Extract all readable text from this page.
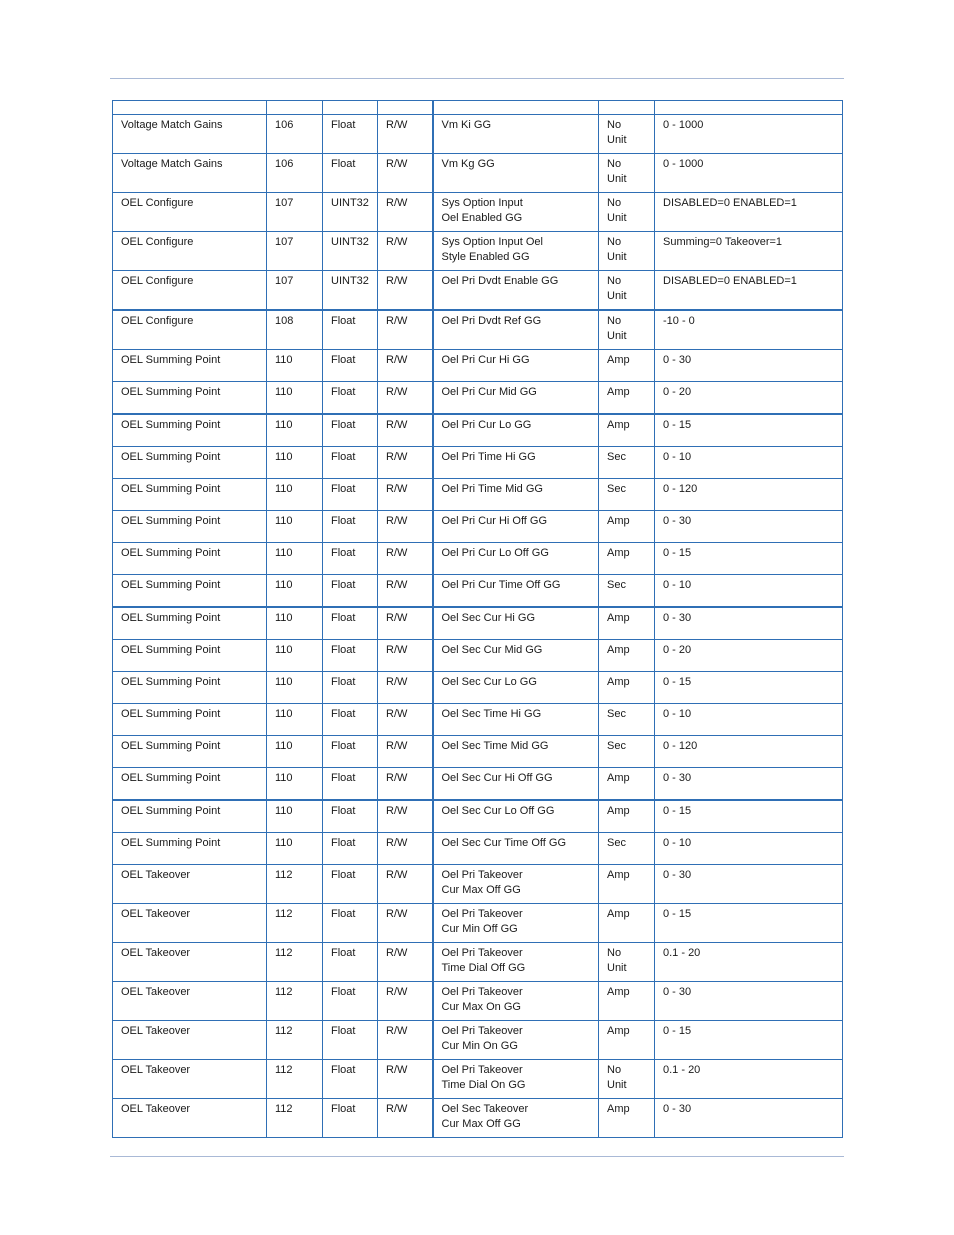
Voltage Match Gains	106	Float	R/W	Vm Ki GG	No
Unit	0 - 1000
Voltage Match Gains	106	Float	R/W	Vm Kg GG	No
Unit	0 - 1000
OEL Configure	107	UINT32	R/W	Sys Option Input
Oel Enabled GG	No
Unit	DISABLED=0 ENABLED=1
OEL Configure	107	UINT32	R/W	Sys Option Input Oel
Style Enabled GG	No
Unit	Summing=0 Takeover=1
OEL Configure	107	UINT32	R/W	Oel Pri Dvdt Enable GG	No
Unit	DISABLED=0 ENABLED=1
OEL Configure	108	Float	R/W	Oel Pri Dvdt Ref GG	No
Unit	-10 - 0
OEL Summing Point	110	Float	R/W	Oel Pri Cur Hi GG	Amp	0 - 30
OEL Summing Point	110	Float	R/W	Oel Pri Cur Mid GG	Amp	0 - 20
OEL Summing Point	110	Float	R/W	Oel Pri Cur Lo GG	Amp	0 - 15
OEL Summing Point	110	Float	R/W	Oel Pri Time Hi GG	Sec	0 - 10
OEL Summing Point	110	Float	R/W	Oel Pri Time Mid GG	Sec	0 - 120
OEL Summing Point	110	Float	R/W	Oel Pri Cur Hi Off GG	Amp	0 - 30
OEL Summing Point	110	Float	R/W	Oel Pri Cur Lo Off GG	Amp	0 - 15
OEL Summing Point	110	Float	R/W	Oel Pri Cur Time Off GG	Sec	0 - 10
OEL Summing Point	110	Float	R/W	Oel Sec Cur Hi GG	Amp	0 - 30
OEL Summing Point	110	Float	R/W	Oel Sec Cur Mid GG	Amp	0 - 20
OEL Summing Point	110	Float	R/W	Oel Sec Cur Lo GG	Amp	0 - 15
OEL Summing Point	110	Float	R/W	Oel Sec Time Hi GG	Sec	0 - 10
OEL Summing Point	110	Float	R/W	Oel Sec Time Mid GG	Sec	0 - 120
OEL Summing Point	110	Float	R/W	Oel Sec Cur Hi Off GG	Amp	0 - 30
OEL Summing Point	110	Float	R/W	Oel Sec Cur Lo Off GG	Amp	0 - 15
OEL Summing Point	110	Float	R/W	Oel Sec Cur Time Off GG	Sec	0 - 10
OEL Takeover	112	Float	R/W	Oel Pri Takeover
Cur Max Off GG	Amp	0 - 30
OEL Takeover	112	Float	R/W	Oel Pri Takeover
Cur Min Off GG	Amp	0 - 15
OEL Takeover	112	Float	R/W	Oel Pri Takeover
Time Dial Off GG	No
Unit	0.1 - 20
OEL Takeover	112	Float	R/W	Oel Pri Takeover
Cur Max On GG	Amp	0 - 30
OEL Takeover	112	Float	R/W	Oel Pri Takeover
Cur Min On GG	Amp	0 - 15
OEL Takeover	112	Float	R/W	Oel Pri Takeover
Time Dial On GG	No
Unit	0.1 - 20
OEL Takeover	112	Float	R/W	Oel Sec Takeover
Cur Max Off GG	Amp	0 - 30
